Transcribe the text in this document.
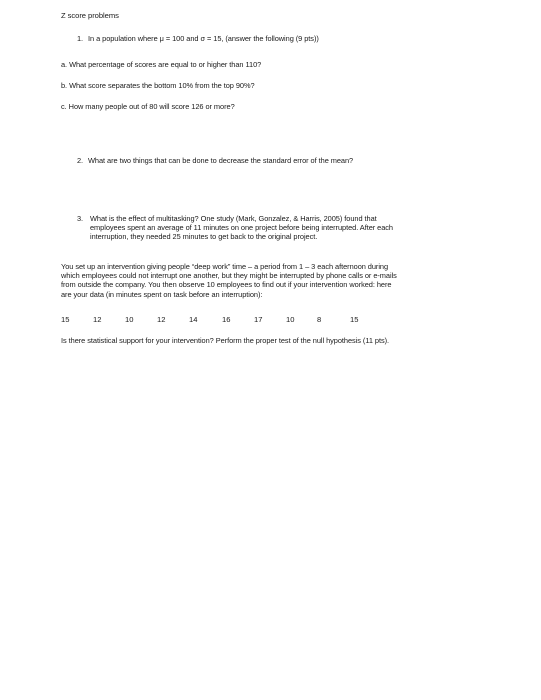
Z score problems
1. In a population where μ = 100 and σ = 15, (answer the following (9 pts))
a. What percentage of scores are equal to or higher than 110?
b. What score separates the bottom 10% from the top 90%?
c. How many people out of 80 will score 126 or more?
2. What are two things that can be done to decrease the standard error of the mean?
3. What is the effect of multitasking? One study (Mark, Gonzalez, & Harris, 2005) found that
employees spent an average of 11 minutes on one project before being interrupted. After each
interruption, they needed 25 minutes to get back to the original project.
You set up an intervention giving people “deep work” time – a period from 1 – 3 each afternoon during
which employees could not interrupt one another, but they might be interrupted by phone calls or e-mails
from outside the company. You then observe 10 employees to find out if your intervention worked: here
are your data (in minutes spent on task before an interruption):
15	12	10	12	14	16	17	10	8	15
Is there statistical support for your intervention? Perform the proper test of the null hypothesis (11 pts).
